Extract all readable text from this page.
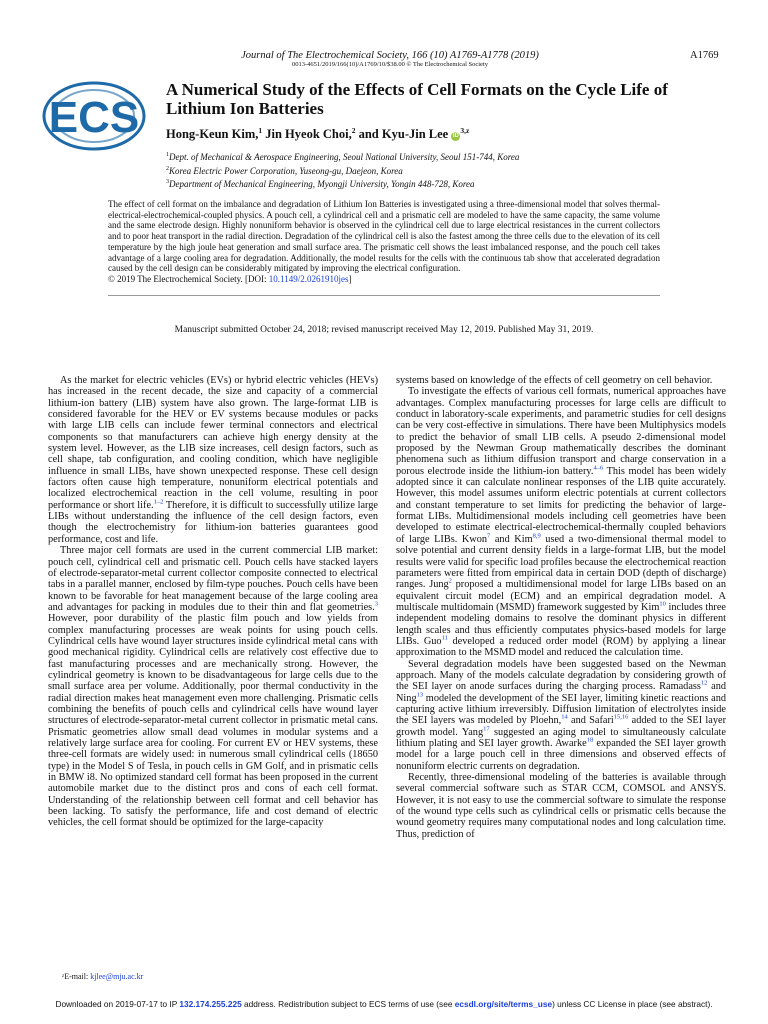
Journal of The Electrochemical Society, 166 (10) A1769-A1778 (2019)
0013-4651/2019/166(10)/A1769/10/$38.00 © The Electrochemical Society
A1769
ECS
A Numerical Study of the Effects of Cell Formats on the Cycle Life of Lithium Ion Batteries
Hong-Keun Kim,$^1$ Jin Hyeok Choi,$^2$ and Kyu-Jin Lee iD$^{3,z}$
$^1$Dept. of Mechanical & Aerospace Engineering, Seoul National University, Seoul 151-744, Korea
$^2$Korea Electric Power Corporation, Yuseong-gu, Daejeon, Korea
$^3$Department of Mechanical Engineering, Myongji University, Yongin 448-728, Korea
The effect of cell format on the imbalance and degradation of Lithium Ion Batteries is investigated using a three-dimensional model that solves thermal-electrical-electrochemical-coupled physics. A pouch cell, a cylindrical cell and a prismatic cell are modeled to have the same capacity, the same volume and the same electrode design. Highly nonuniform behavior is observed in the cylindrical cell due to large electrical resistances in the current collectors and to poor heat transport in the radial direction. Degradation of the cylindrical cell is also the fastest among the three cells due to the elevation of its cell temperature by the high joule heat generation and small surface area. The prismatic cell shows the least imbalanced response, and the pouch cell takes advantage of a large cooling area for degradation. Additionally, the model results for the cells with the continuous tab show that accelerated degradation caused by the cell design can be considerably mitigated by improving the electrical configuration.
© 2019 The Electrochemical Society. [DOI: 10.1149/2.0261910jes]
Manuscript submitted October 24, 2018; revised manuscript received May 12, 2019. Published May 31, 2019.

As the market for electric vehicles (EVs) or hybrid electric vehicles (HEVs) has increased in the recent decade, the size and capacity of a commercial lithium-ion battery (LIB) system have also grown. The large-format LIB is considered favorable for the HEV or EV systems because modules or packs with large LIB cells can include fewer terminal connectors and electrical components so that manufacturers can achieve high energy density at the system level. However, as the LIB size increases, cell design factors, such as cell shape, tab configuration, and cooling condition, which have negligible influence in small LIBs, have shown unexpected response. These cell design factors often cause high temperature, nonuniform electrical potentials and localized electrochemical reaction in the cell volume, resulting in poor performance or short life.$^{1-2}$ Therefore, it is difficult to successfully utilize large LIBs without understanding the influence of the cell design factors, even though the electrochemistry for lithium-ion batteries guarantees good performance, cost and life.

Three major cell formats are used in the current commercial LIB market: pouch cell, cylindrical cell and prismatic cell. Pouch cells have stacked layers of electrode-separator-metal current collector composite connected to electrical tabs in a parallel manner, enclosed by film-type pouches. Pouch cells have been known to be favorable for heat management because of the large cooling area and advantages for packing in modules due to their thin and flat geometries.$^3$ However, poor durability of the plastic film pouch and low yields from complex manufacturing processes are weak points for using pouch cells. Cylindrical cells have wound layer structures inside cylindrical metal cans with good mechanical rigidity. Cylindrical cells are relatively cost effective due to fast manufacturing processes and are mechanically strong. However, the cylindrical geometry is known to be disadvantageous for large cells due to the small surface area per volume. Additionally, poor thermal conductivity in the radial direction makes heat management even more challenging. Prismatic cells combining the benefits of pouch cells and cylindrical cells have wound layer structures of electrode-separator-metal current collector in prismatic metal cans. Prismatic geometries allow small dead volumes in modular systems and a relatively large surface area for cooling. For current EV or HEV systems, these three-cell formats are widely used: in numerous small cylindrical cells (18650 type) in the Model S of Tesla, in pouch cells in GM Golf, and in prismatic cells in BMW i8. No optimized standard cell format has been proposed in the current automobile market due to the distinct pros and cons of each cell format. Understanding of the relationship between cell format and cell behavior has been lacking. To satisfy the performance, life and cost demand of electric vehicles, the cell format should be optimized for the large-capacity

systems based on knowledge of the effects of cell geometry on cell behavior.

To investigate the effects of various cell formats, numerical approaches have advantages. Complex manufacturing processes for large cells are difficult to conduct in laboratory-scale experiments, and parametric studies for cell designs can be very cost-effective in simulations. There have been Multiphysics models to predict the behavior of small LIB cells. A pseudo 2-dimensional model proposed by the Newman Group mathematically describes the dominant phenomena such as lithium diffusion transport and charge conservation in a porous electrode inside the lithium-ion battery.$^{4-6}$ This model has been widely adopted since it can calculate nonlinear responses of the LIB quite accurately. However, this model assumes uniform electric potentials at current collectors and constant temperature to set limits for predicting the behavior of large-format LIBs. Multidimensional models including cell geometries have been developed to estimate electrical-electrochemical-thermally coupled behaviors of large LIBs. Kwon$^7$ and Kim$^{8,9}$ used a two-dimensional thermal model to solve potential and current density fields in a large-format LIB, but the model results were valid for specific load profiles because the electrochemical reaction parameters were fitted from empirical data in certain DOD (depth of discharge) ranges. Jung$^2$ proposed a multidimensional model for large LIBs based on an equivalent circuit model (ECM) and an empirical degradation model. A multiscale multidomain (MSMD) framework suggested by Kim$^{10}$ includes three independent modeling domains to resolve the dominant physics in different length scales and thus efficiently computates physics-based models for large LIBs. Guo$^{11}$ developed a reduced order model (ROM) by applying a linear approximation to the MSMD model and reduced the calculation time.

Several degradation models have been suggested based on the Newman approach. Many of the models calculate degradation by considering growth of the SEI layer on anode surfaces during the charging process. Ramadass$^{12}$ and Ning$^{13}$ modeled the development of the SEI layer, limiting kinetic reactions and capturing active lithium irreversibly. Diffusion limitation of electrolytes inside the SEI layers was modeled by Ploehn,$^{14}$ and Safari$^{15,16}$ added to the SEI layer growth model. Yang$^{17}$ suggested an aging model to simultaneously calculate lithium plating and SEI layer growth. Awarke$^{18}$ expanded the SEI layer growth model for a large pouch cell in three dimensions and observed effects of nonuniform electric currents on degradation.

Recently, three-dimensional modeling of the batteries is available through several commercial software such as STAR CCM, COMSOL and ANSYS. However, it is not easy to use the commercial software to simulate the response of the wound type cells such as cylindrical cells or prismatic cells because the wound geometry requires many computational nodes and long calculation time. Thus, prediction of

ᶻE-mail: kjlee@mju.ac.kr
Downloaded on 2019-07-17 to IP 132.174.255.225 address. Redistribution subject to ECS terms of use (see ecsdl.org/site/terms_use) unless CC License in place (see abstract).
